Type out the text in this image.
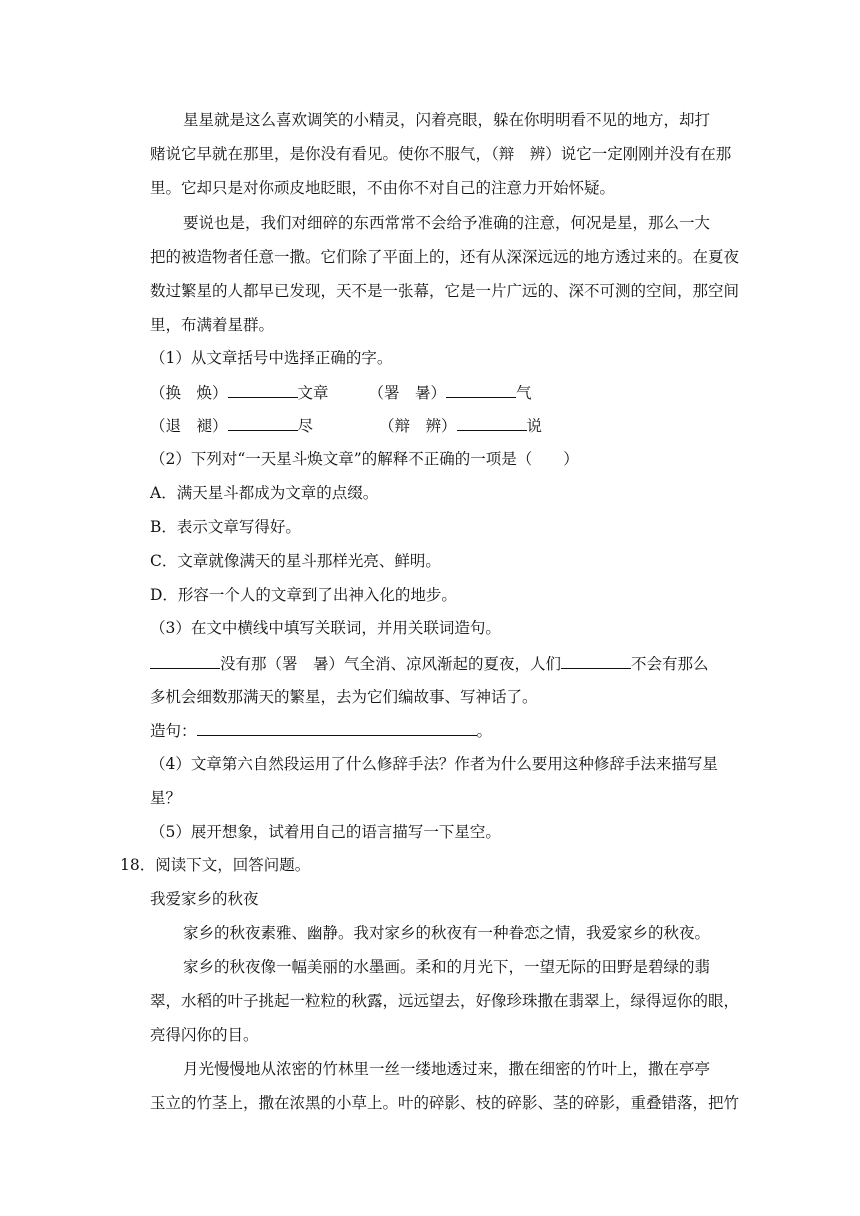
星星就是这么喜欢调笑的小精灵，闪着亮眼，躲在你明明看不见的地方，却打
赌说它早就在那里，是你没有看见。使你不服气，（辩　辨）说它一定刚刚并没有在那
里。它却只是对你顽皮地眨眼，不由你不对自己的注意力开始怀疑。
要说也是，我们对细碎的东西常常不会给予准确的注意，何况是星，那么一大
把的被造物者任意一撒。它们除了平面上的，还有从深深远远的地方透过来的。在夏夜
数过繁星的人都早已发现，天不是一张幕，它是一片广远的、深不可测的空间，那空间
里，布满着星群。
（1）从文章括号中选择正确的字。
（换　焕）	文章	（署　暑）	气
（退　褪）	尽	（辩　辨）	说
（2）下列对“一天星斗焕文章”的解释不正确的一项是（　　）
A．满天星斗都成为文章的点缀。
B．表示文章写得好。
C．文章就像满天的星斗那样光亮、鲜明。
D．形容一个人的文章到了出神入化的地步。
（3）在文中横线中填写关联词，并用关联词造句。
没有那（署　暑）气全消、凉风渐起的夏夜，人们	不会有那么
多机会细数那满天的繁星，去为它们编故事、写神话了。
造句：	。
（4）文章第六自然段运用了什么修辞手法？作者为什么要用这种修辞手法来描写星
星？
（5）展开想象，试着用自己的语言描写一下星空。
18．阅读下文，回答问题。
我爱家乡的秋夜
家乡的秋夜素雅、幽静。我对家乡的秋夜有一种眷恋之情，我爱家乡的秋夜。
家乡的秋夜像一幅美丽的水墨画。柔和的月光下，一望无际的田野是碧绿的翡
翠，水稻的叶子挑起一粒粒的秋露，远远望去，好像珍珠撒在翡翠上，绿得逗你的眼，
亮得闪你的目。
月光慢慢地从浓密的竹林里一丝一缕地透过来，撒在细密的竹叶上，撒在亭亭
玉立的竹茎上，撒在浓黑的小草上。叶的碎影、枝的碎影、茎的碎影，重叠错落，把竹
